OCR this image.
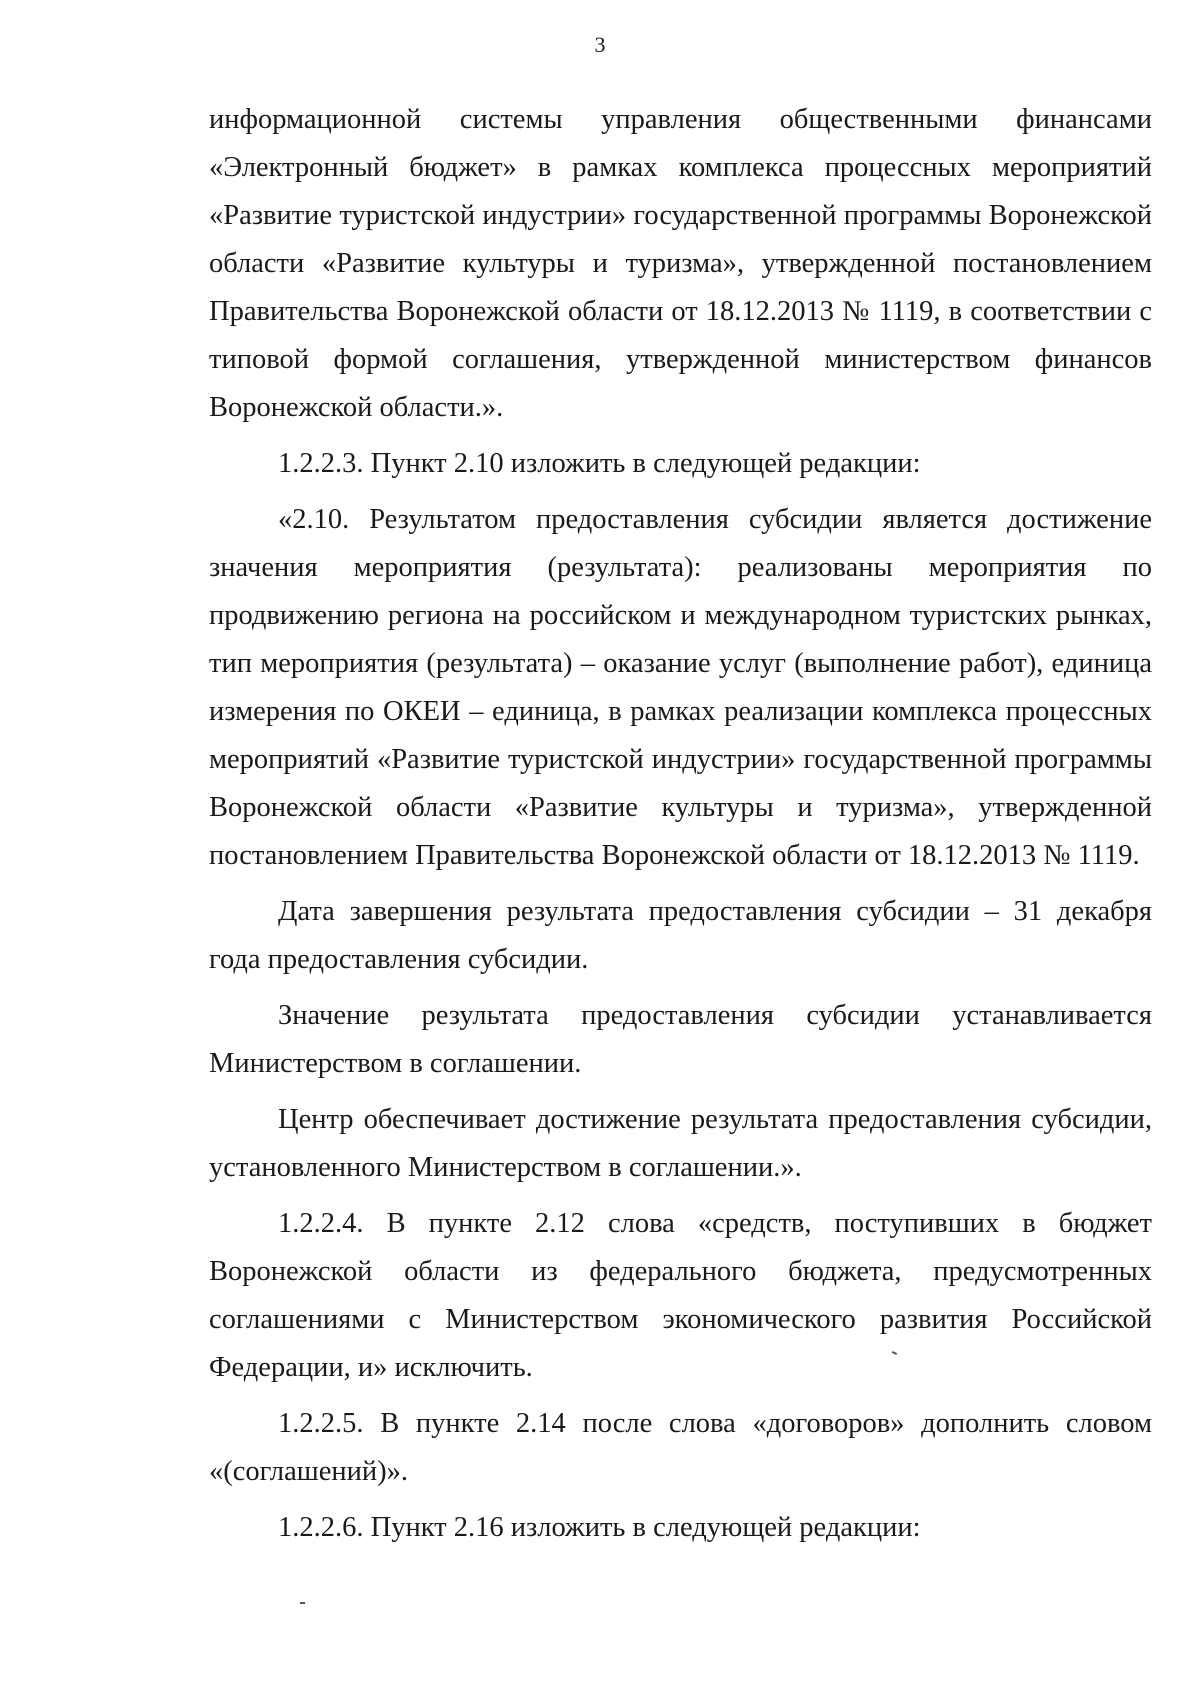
3

информационной системы управления общественными финансами «Электронный бюджет» в рамках комплекса процессных мероприятий «Развитие туристской индустрии» государственной программы Воронежской области «Развитие культуры и туризма», утвержденной постановлением Правительства Воронежской области от 18.12.2013 № 1119, в соответствии с типовой формой соглашения, утвержденной министерством финансов Воронежской области.».

1.2.2.3. Пункт 2.10 изложить в следующей редакции:

«2.10. Результатом предоставления субсидии является достижение значения мероприятия (результата): реализованы мероприятия по продвижению региона на российском и международном туристских рынках, тип мероприятия (результата) – оказание услуг (выполнение работ), единица измерения по ОКЕИ – единица, в рамках реализации комплекса процессных мероприятий «Развитие туристской индустрии» государственной программы Воронежской области «Развитие культуры и туризма», утвержденной постановлением Правительства Воронежской области от 18.12.2013 № 1119.

Дата завершения результата предоставления субсидии – 31 декабря года предоставления субсидии.

Значение результата предоставления субсидии устанавливается Министерством в соглашении.

Центр обеспечивает достижение результата предоставления субсидии, установленного Министерством в соглашении.».

1.2.2.4. В пункте 2.12 слова «средств, поступивших в бюджет Воронежской области из федерального бюджета, предусмотренных соглашениями с Министерством экономического развития Российской Федерации, и» исключить.

1.2.2.5. В пункте 2.14 после слова «договоров» дополнить словом «(соглашений)».

1.2.2.6. Пункт 2.16 изложить в следующей редакции:
